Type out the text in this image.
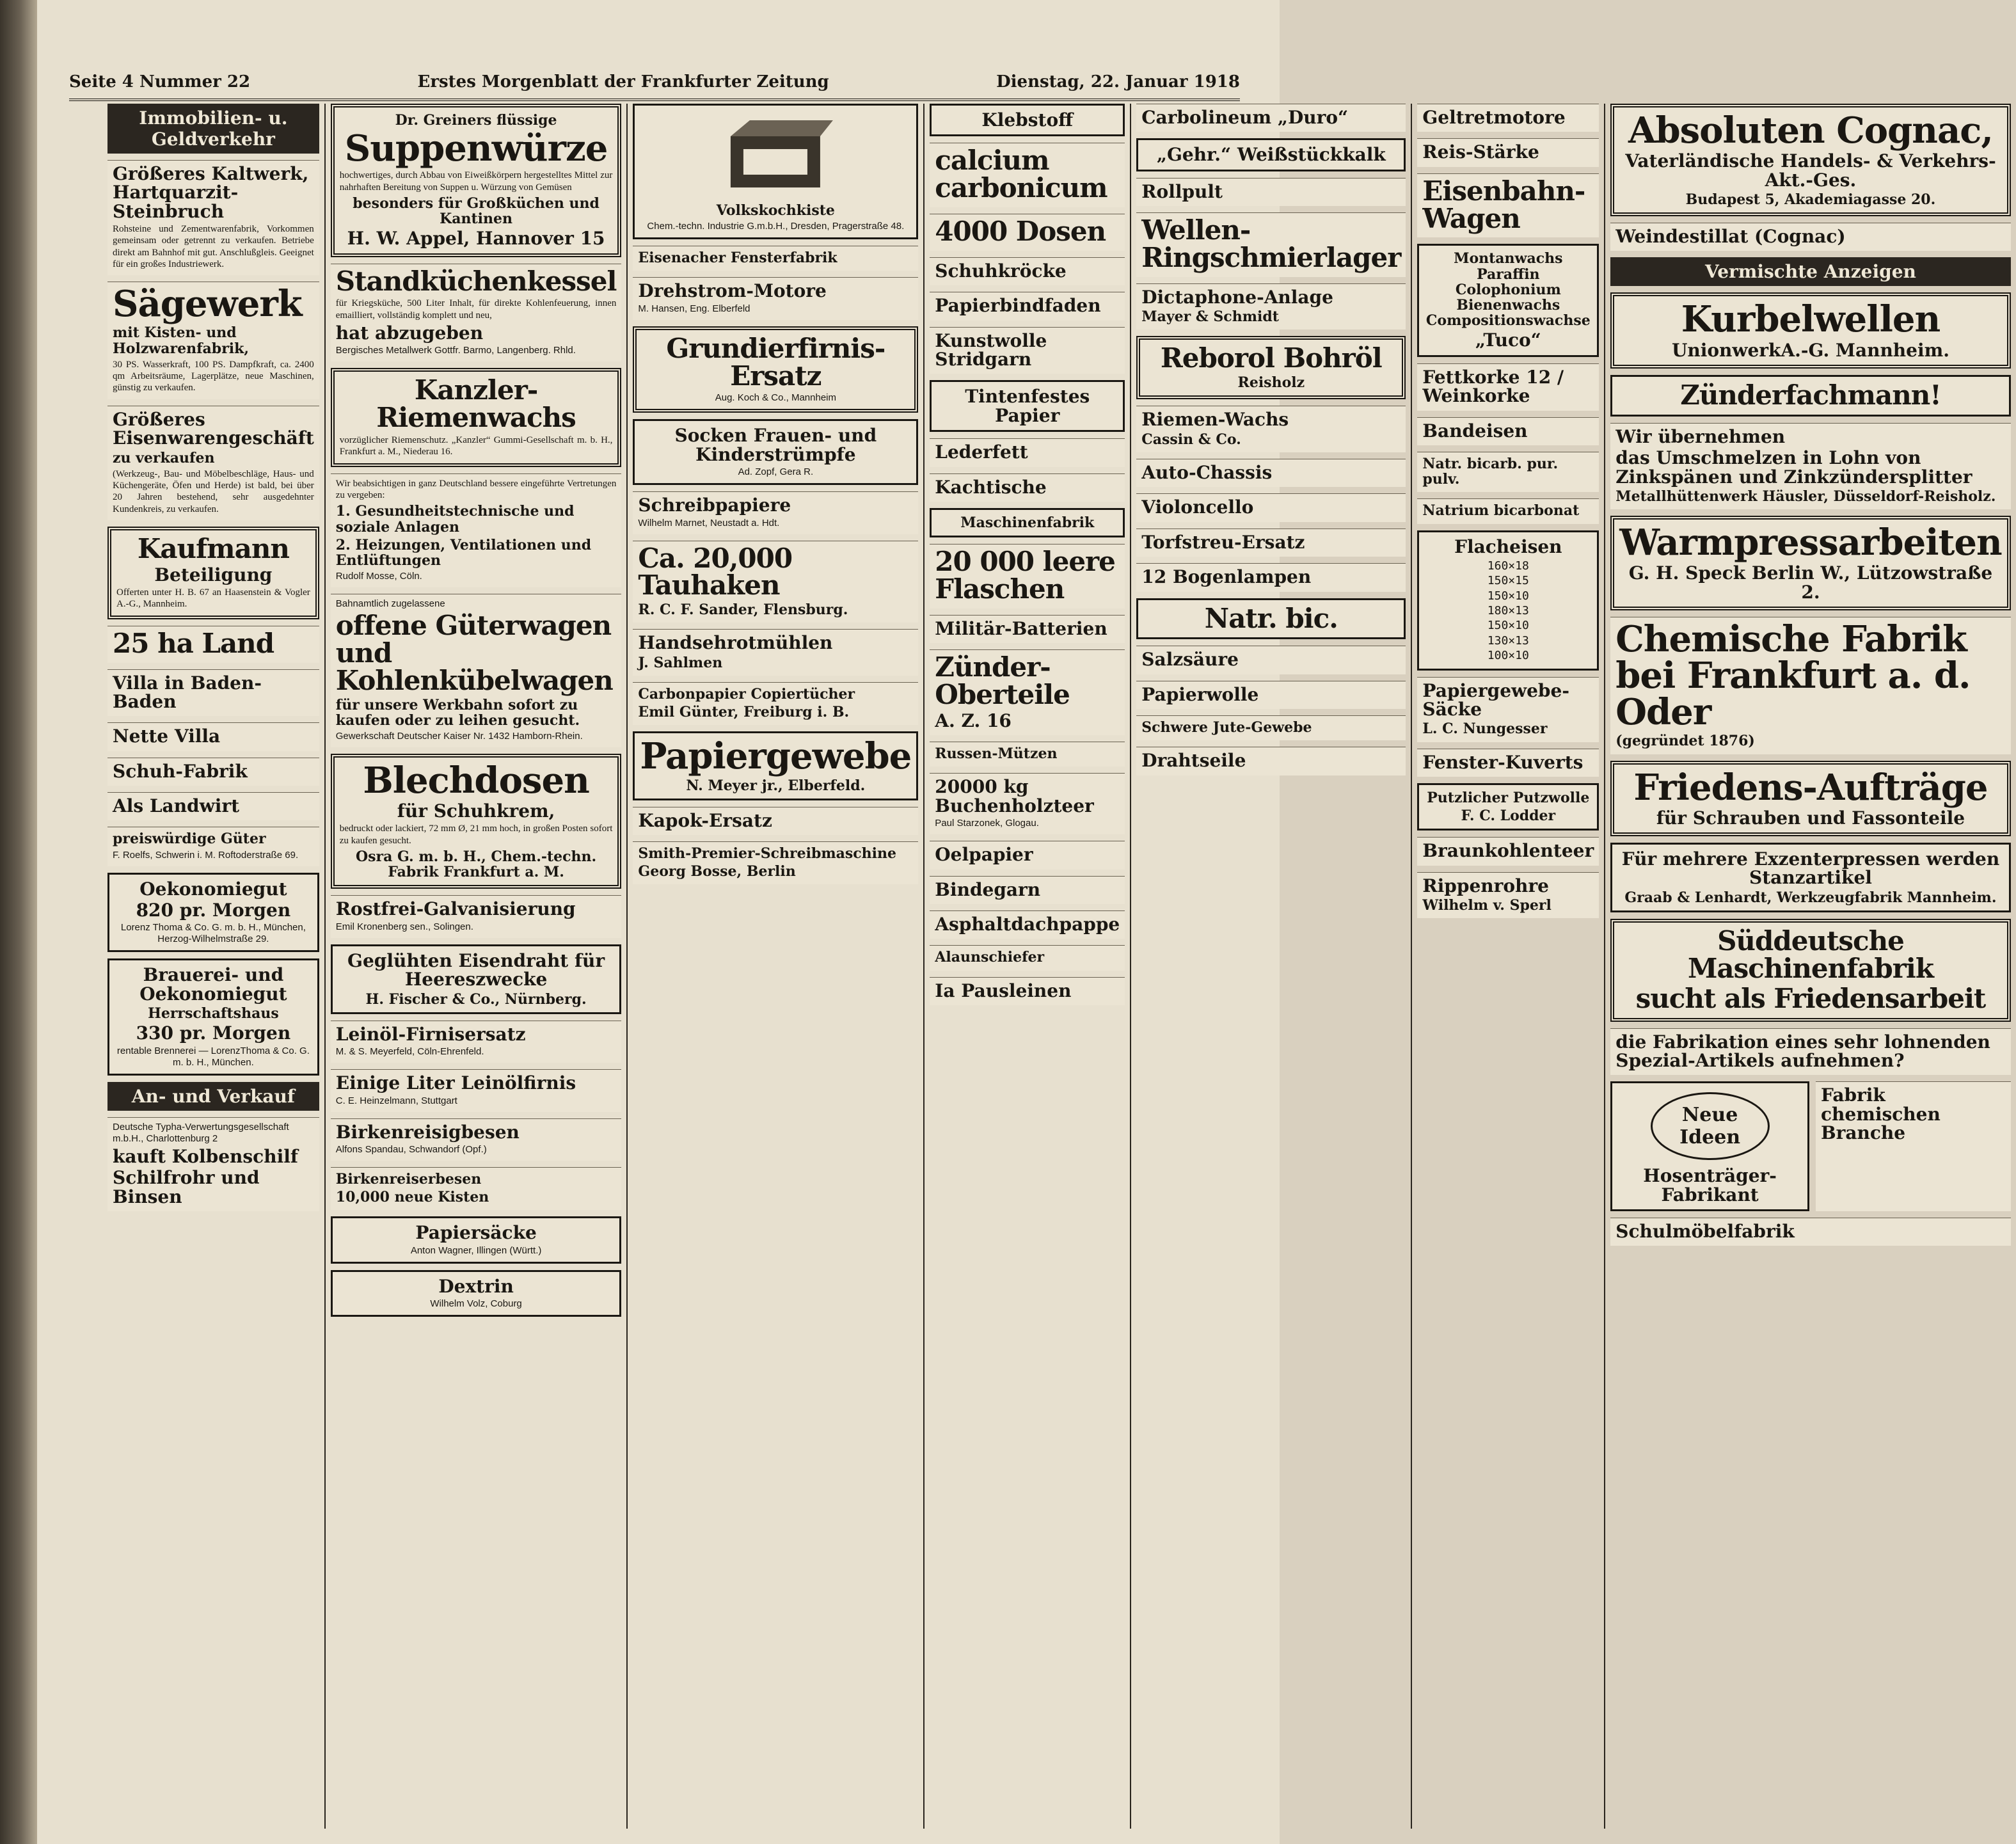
Seite 4 Nummer 22	Erstes Morgenblatt der Frankfurter Zeitung	Dienstag, 22. Januar 1918
Immobilien- u. Geldverkehr
Größeres Kaltwerk, Hartquarzit-Steinbruch
Rohsteine und Zementwarenfabrik, Vorkommen gemeinsam oder getrennt zu verkaufen. Betriebe direkt am Bahnhof mit gut. Anschlußgleis. Geeignet für ein großes Industriewerk.
Sägewerk
mit Kisten- und Holzwarenfabrik,
30 PS. Wasserkraft, 100 PS. Dampfkraft, ca. 2400 qm Arbeitsräume, Lagerplätze, neue Maschinen, günstig zu verkaufen.
Größeres Eisenwarengeschäft
zu verkaufen
(Werkzeug-, Bau- und Möbelbeschläge, Haus- und Küchengeräte, Öfen und Herde) ist bald, bei über 20 Jahren bestehend, sehr ausgedehnter Kundenkreis, zu verkaufen.
Kaufmann
Beteiligung
Offerten unter H. B. 67 an Haasenstein & Vogler A.-G., Mannheim.
25 ha Land
Villa in Baden-Baden
Nette Villa
Schuh-Fabrik
Als Landwirt
preiswürdige Güter
F. Roelfs, Schwerin i. M. Roftoderstraße 69.
Oekonomiegut
820 pr. Morgen
Lorenz Thoma & Co. G. m. b. H., München, Herzog-Wilhelmstraße 29.
Brauerei- und Oekonomiegut
Herrschaftshaus
330 pr. Morgen
rentable Brennerei — LorenzThoma & Co. G. m. b. H., München.
An- und Verkauf
Deutsche Typha-Verwertungsgesellschaft m.b.H., Charlottenburg 2
kauft Kolbenschilf
Schilfrohr und Binsen
Dr. Greiners flüssige
Suppenwürze
hochwertiges, durch Abbau von Eiweißkörpern hergestelltes Mittel zur nahrhaften Bereitung von Suppen u. Würzung von Gemüsen
besonders für Großküchen und Kantinen
H. W. Appel, Hannover 15
Standküchenkessel
für Kriegsküche, 500 Liter Inhalt, für direkte Kohlenfeuerung, innen emailliert, vollständig komplett und neu,
hat abzugeben
Bergisches Metallwerk Gottfr. Barmo, Langenberg. Rhld.
Kanzler-Riemenwachs
vorzüglicher Riemenschutz. „Kanzler“ Gummi-Gesellschaft m. b. H., Frankfurt a. M., Niederau 16.
Wir beabsichtigen in ganz Deutschland bessere eingeführte Vertretungen zu vergeben:
1. Gesundheitstechnische und soziale Anlagen
2. Heizungen, Ventilationen und Entlüftungen
Rudolf Mosse, Cöln.
Bahnamtlich zugelassene
offene Güterwagen und Kohlenkübelwagen
für unsere Werkbahn sofort zu kaufen oder zu leihen gesucht.
Gewerkschaft Deutscher Kaiser Nr. 1432 Hamborn-Rhein.
Blechdosen
für Schuhkrem,
bedruckt oder lackiert, 72 mm Ø, 21 mm hoch, in großen Posten sofort zu kaufen gesucht.
Osra G. m. b. H., Chem.-techn. Fabrik Frankfurt a. M.
Rostfrei-Galvanisierung
Emil Kronenberg sen., Solingen.
Geglühten Eisendraht für Heereszwecke
H. Fischer & Co., Nürnberg.
Leinöl-Firnisersatz
M. & S. Meyerfeld, Cöln-Ehrenfeld.
Einige Liter Leinölfirnis
C. E. Heinzelmann, Stuttgart
Birkenreisigbesen
Alfons Spandau, Schwandorf (Opf.)
Birkenreiserbesen
10,000 neue Kisten
Papiersäcke
Anton Wagner, Illingen (Württ.)
Dextrin
Wilhelm Volz, Coburg
Volkskochkiste
Chem.-techn. Industrie G.m.b.H., Dresden, Pragerstraße 48.
Eisenacher Fensterfabrik
Drehstrom-Motore
M. Hansen, Eng. Elberfeld
Grundierfirnis-Ersatz
Aug. Koch & Co., Mannheim
Socken Frauen- und Kinderstrümpfe
Ad. Zopf, Gera R.
Schreibpapiere
Wilhelm Marnet, Neustadt a. Hdt.
Ca. 20,000 Tauhaken
R. C. F. Sander, Flensburg.
Handsehrotmühlen
J. Sahlmen
Carbonpapier Copiertücher
Emil Günter, Freiburg i. B.
Papiergewebe
N. Meyer jr., Elberfeld.
Kapok-Ersatz
Smith-Premier-Schreibmaschine
Georg Bosse, Berlin
Klebstoff
calcium carbonicum
4000 Dosen
Schuhkröcke
Papierbindfaden
Kunstwolle Stridgarn
Tintenfestes Papier
Lederfett
Kachtische
Maschinenfabrik
20 000 leere Flaschen
Militär-Batterien
Zünder-Oberteile
A. Z. 16
Russen-Mützen
20000 kg Buchenholzteer
Paul Starzonek, Glogau.
Oelpapier
Bindegarn
Asphaltdachpappe
Alaunschiefer
Ia Pausleinen
Carbolineum „Duro“
„Gehr.“ Weißstückkalk
Rollpult
Wellen-Ringschmierlager
Dictaphone-Anlage
Mayer & Schmidt
Reborol Bohröl
Reisholz
Riemen-Wachs
Cassin & Co.
Auto-Chassis
Violoncello
Torfstreu-Ersatz
12 Bogenlampen
Natr. bic.
Salzsäure
Papierwolle
Schwere Jute-Gewebe
Drahtseile
Geltretmotore
Reis-Stärke
Eisenbahn-Wagen
Montanwachs Paraffin Colophonium Bienenwachs Compositionswachse
„Tuco“
Fettkorke 12 / Weinkorke
Bandeisen
Natr. bicarb. pur. pulv.
Natrium bicarbonat
Flacheisen
160×18
150×15
150×10
180×13
150×10
130×13
100×10
Papiergewebe-Säcke
L. C. Nungesser
Fenster-Kuverts
Putzlicher Putzwolle
F. C. Lodder
Braunkohlenteer
Rippenrohre
Wilhelm v. Sperl
Absoluten Cognac,
Vaterländische Handels- & Verkehrs-Akt.-Ges.
Budapest 5, Akademiagasse 20.
Weindestillat (Cognac)
Vermischte Anzeigen
Kurbelwellen
UnionwerkA.-G. Mannheim.
Zünderfachmann!
Wir übernehmen
das Umschmelzen in Lohn von Zinkspänen und Zinkzündersplitter
Metallhüttenwerk Häusler, Düsseldorf-Reisholz.
Warmpressarbeiten
G. H. Speck Berlin W., Lützowstraße 2.
Chemische Fabrik bei Frankfurt a. d. Oder
(gegründet 1876)
Friedens-Aufträge
für Schrauben und Fassonteile
Für mehrere Exzenterpressen werden Stanzartikel
Graab & Lenhardt, Werkzeugfabrik Mannheim.
Süddeutsche Maschinenfabrik
sucht als Friedensarbeit
die Fabrikation eines sehr lohnenden Spezial-Artikels aufnehmen?
Neue Ideen
Hosenträger-Fabrikant
Fabrik chemischen Branche
Schulmöbelfabrik
